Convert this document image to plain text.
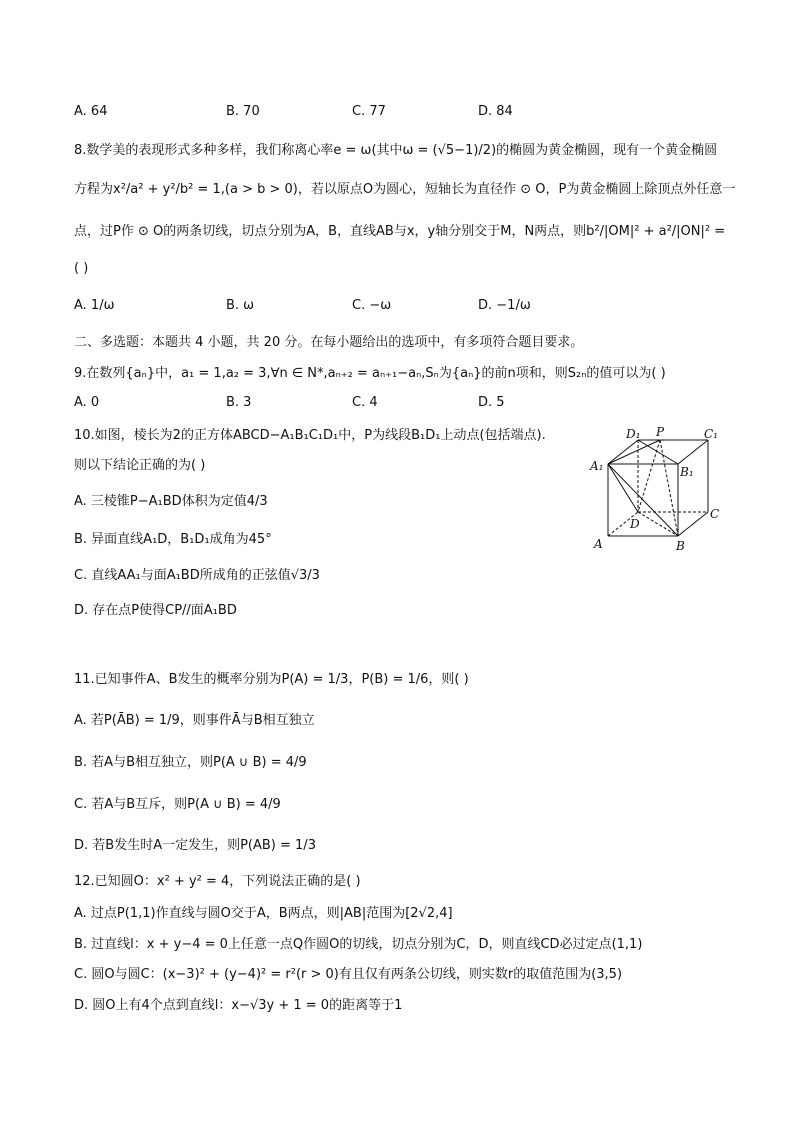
A. 64	B. 70	C. 77	D. 84
8.数学美的表现形式多种多样，我们称离心率e = ω(其中ω = (√5−1)/2)的椭圆为黄金椭圆，现有一个黄金椭圆
方程为x²/a² + y²/b² = 1,(a > b > 0)，若以原点O为圆心，短轴长为直径作 ⊙ O，P为黄金椭圆上除顶点外任意一
点，过P作 ⊙ O的两条切线，切点分别为A，B，直线AB与x，y轴分别交于M，N两点，则b²/|OM|² + a²/|ON|² =
( )
A. 1/ω	B. ω	C. −ω	D. −1/ω
二、多选题：本题共 4 小题，共 20 分。在每小题给出的选项中，有多项符合题目要求。
9.在数列{aₙ}中，a₁ = 1,a₂ = 3,∀n ∈ N*,aₙ₊₂ = aₙ₊₁−aₙ,Sₙ为{aₙ}的前n项和，则S₂ₙ的值可以为( )
A. 0	B. 3	C. 4	D. 5
10.如图，棱长为2的正方体ABCD−A₁B₁C₁D₁中，P为线段B₁D₁上动点(包括端点).
则以下结论正确的为( )
A. 三棱锥P−A₁BD体积为定值4/3
B. 异面直线A₁D，B₁D₁成角为45°
C. 直线AA₁与面A₁BD所成角的正弦值√3/3
D. 存在点P使得CP//面A₁BD
D₁ P	C₁
A₁	B₁
D
C
A	B
11.已知事件A、B发生的概率分别为P(A) = 1/3，P(B) = 1/6，则( )
A. 若P(ĀB) = 1/9，则事件Ā与B相互独立
B. 若A与B相互独立，则P(A ∪ B) = 4/9
C. 若A与B互斥，则P(A ∪ B) = 4/9
D. 若B发生时A一定发生，则P(AB) = 1/3
12.已知圆O：x² + y² = 4，下列说法正确的是( )
A. 过点P(1,1)作直线与圆O交于A，B两点，则|AB|范围为[2√2,4]
B. 过直线l：x + y−4 = 0上任意一点Q作圆O的切线，切点分别为C，D，则直线CD必过定点(1,1)
C. 圆O与圆C：(x−3)² + (y−4)² = r²(r > 0)有且仅有两条公切线，则实数r的取值范围为(3,5)
D. 圆O上有4个点到直线l：x−√3y + 1 = 0的距离等于1
